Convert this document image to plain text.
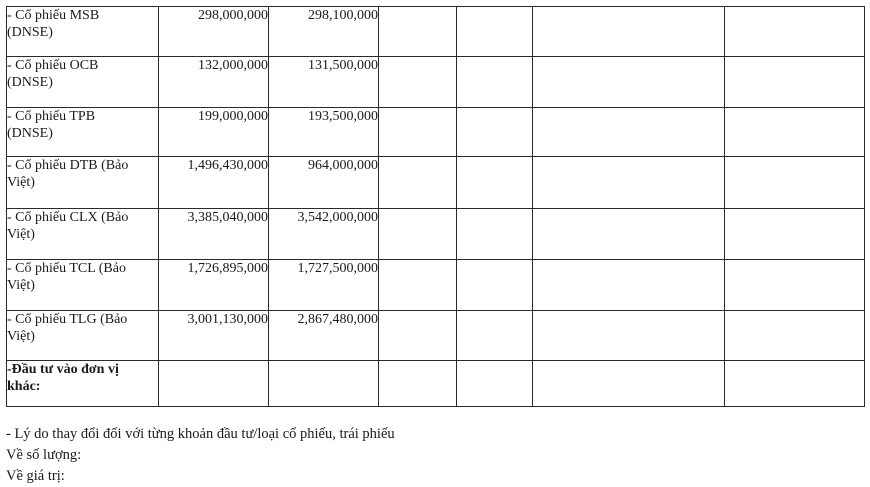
- Cổ phiếu MSB
(DNSE)	298,000,000	298,100,000				

- Cổ phiếu OCB
(DNSE)	132,000,000	131,500,000				

- Cổ phiếu TPB
(DNSE)	199,000,000	193,500,000				

- Cổ phiếu DTB (Bảo
Việt)	1,496,430,000	964,000,000				

- Cổ phiếu CLX (Bảo
Việt)	3,385,040,000	3,542,000,000				

- Cổ phiếu TCL (Bảo
Việt)	1,726,895,000	1,727,500,000				

- Cổ phiếu TLG (Bảo
Việt)	3,001,130,000	2,867,480,000				

-Đầu tư vào đơn vị
khác:						

- Lý do thay đổi đối với từng khoản đầu tư/loại cổ phiếu, trái phiếu
Về số lượng:
Về giá trị:
